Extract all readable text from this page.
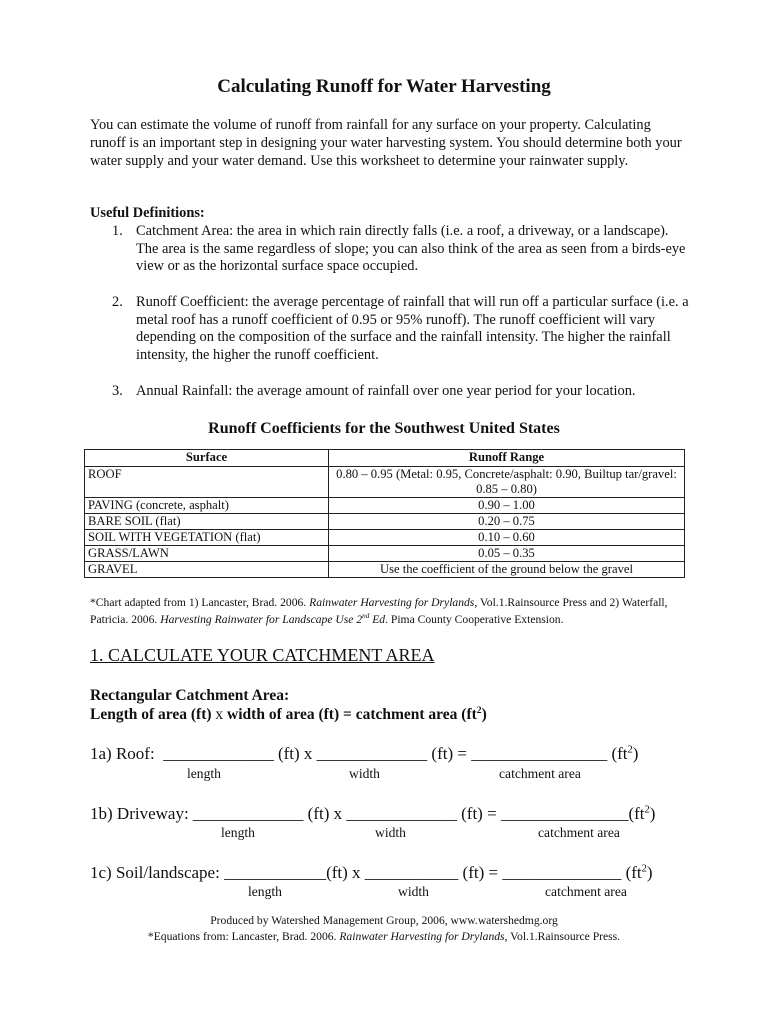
Calculating Runoff for Water Harvesting
You can estimate the volume of runoff from rainfall for any surface on your property. Calculating runoff is an important step in designing your water harvesting system. You should determine both your water supply and your water demand. Use this worksheet to determine your rainwater supply.
Useful Definitions:
1. Catchment Area: the area in which rain directly falls (i.e. a roof, a driveway, or a landscape). The area is the same regardless of slope; you can also think of the area as seen from a birds-eye view or as the horizontal surface space occupied.
2. Runoff Coefficient: the average percentage of rainfall that will run off a particular surface (i.e. a metal roof has a runoff coefficient of 0.95 or 95% runoff). The runoff coefficient will vary depending on the composition of the surface and the rainfall intensity. The higher the rainfall intensity, the higher the runoff coefficient.
3. Annual Rainfall: the average amount of rainfall over one year period for your location.
Runoff Coefficients for the Southwest United States
Surface	Runoff Range
ROOF	0.80 – 0.95 (Metal: 0.95, Concrete/asphalt: 0.90, Builtup tar/gravel: 0.85 – 0.80)
PAVING (concrete, asphalt)	0.90 – 1.00
BARE SOIL (flat)	0.20 – 0.75
SOIL WITH VEGETATION (flat)	0.10 – 0.60
GRASS/LAWN	0.05 – 0.35
GRAVEL	Use the coefficient of the ground below the gravel
*Chart adapted from 1) Lancaster, Brad. 2006. Rainwater Harvesting for Drylands, Vol.1.Rainsource Press and 2) Waterfall, Patricia. 2006. Harvesting Rainwater for Landscape Use 2nd Ed. Pima County Cooperative Extension.
1. CALCULATE YOUR CATCHMENT AREA
Rectangular Catchment Area:
Length of area (ft) x width of area (ft) = catchment area $(ft^2)$
1a) Roof: _____________ (ft) x _____________ (ft) = ________________ $(ft^2)$
length	width	catchment area
1b) Driveway: _____________ (ft) x _____________ $(ft) = \_\_\_\_\_\_\_\_\_\_\_\_\_\_\_(ft^2)$
length	width	catchment area
1c) Soil/landscape: ____________(ft) x ___________ (ft) = ______________ $(ft^2)$
length	width	catchment area
Produced by Watershed Management Group, 2006, www.watershedmg.org
*Equations from: Lancaster, Brad. 2006. Rainwater Harvesting for Drylands, Vol.1.Rainsource Press.
